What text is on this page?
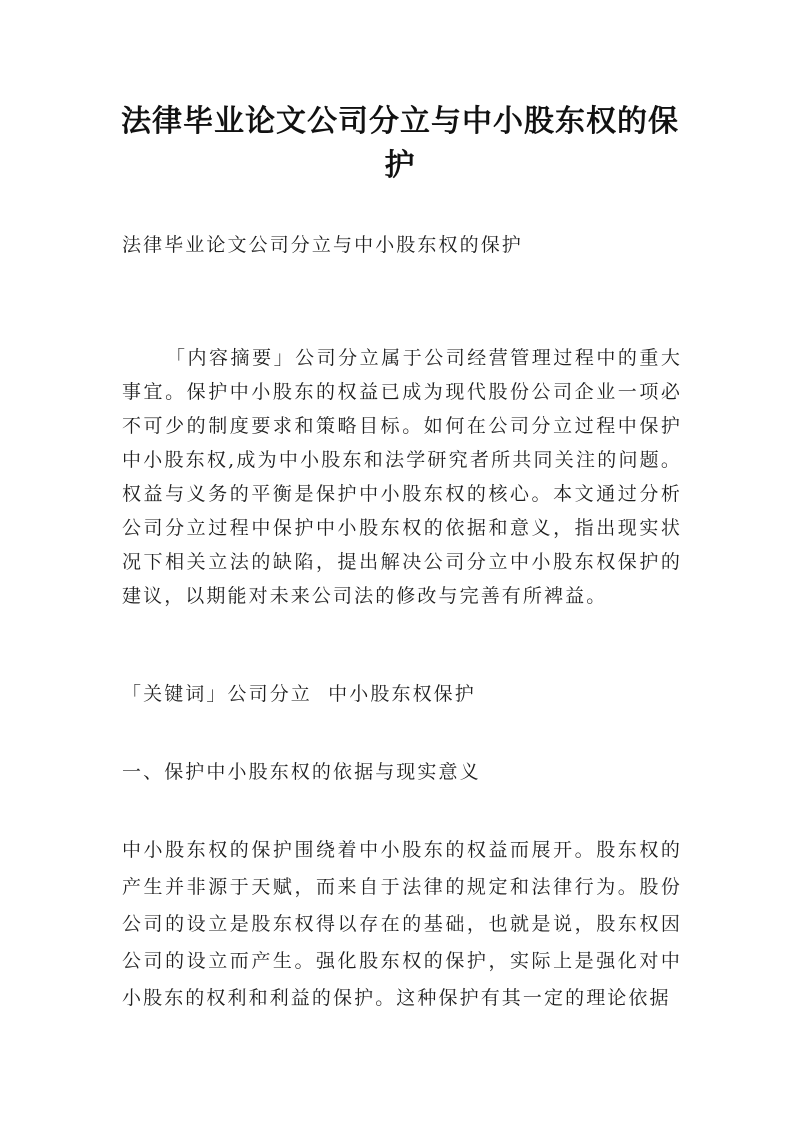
法律毕业论文公司分立与中小股东权的保护

法律毕业论文公司分立与中小股东权的保护

「内容摘要」公司分立属于公司经营管理过程中的重大事宜。保护中小股东的权益已成为现代股份公司企业一项必不可少的制度要求和策略目标。如何在公司分立过程中保护中小股东权,成为中小股东和法学研究者所共同关注的问题。权益与义务的平衡是保护中小股东权的核心。本文通过分析公司分立过程中保护中小股东权的依据和意义，指出现实状况下相关立法的缺陷，提出解决公司分立中小股东权保护的建议，以期能对未来公司法的修改与完善有所裨益。

「关键词」公司分立  中小股东权保护

一、保护中小股东权的依据与现实意义

中小股东权的保护围绕着中小股东的权益而展开。股东权的产生并非源于天赋，而来自于法律的规定和法律行为。股份公司的设立是股东权得以存在的基础，也就是说，股东权因公司的设立而产生。强化股东权的保护，实际上是强化对中小股东的权利和利益的保护。这种保护有其一定的理论依据
